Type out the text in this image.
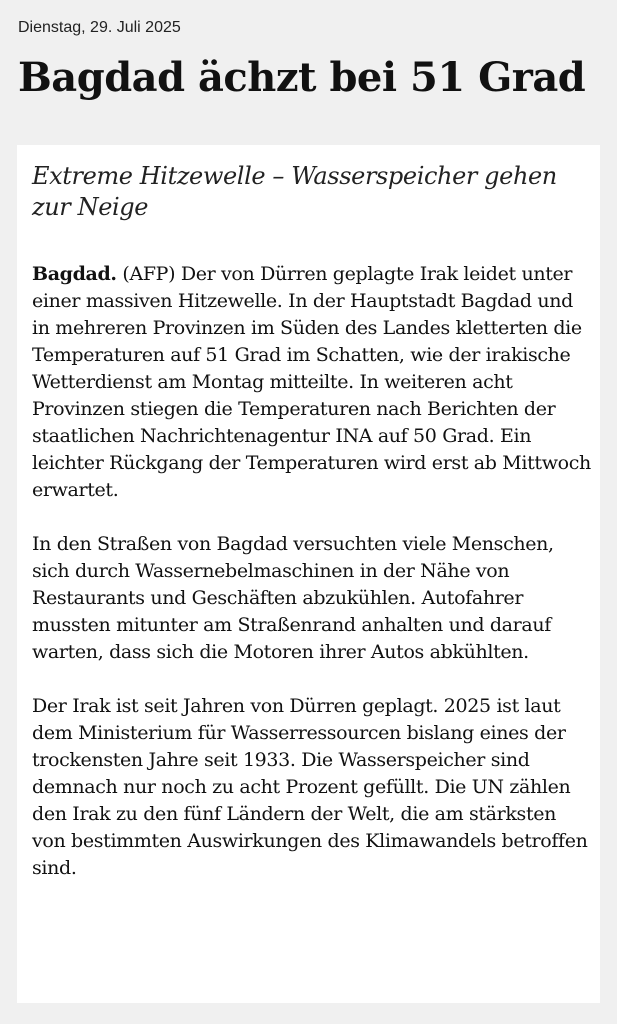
Dienstag, 29. Juli 2025
Bagdad ächzt bei 51 Grad
Extreme Hitzewelle – Wasserspeicher gehen zur Neige

Bagdad. (AFP) Der von Dürren geplagte Irak leidet unter einer massiven Hitzewelle. In der Hauptstadt Bagdad und in mehreren Provinzen im Süden des Landes kletterten die Temperaturen auf 51 Grad im Schatten, wie der irakische Wetterdienst am Montag mitteilte. In weiteren acht Provinzen stiegen die Temperaturen nach Berichten der staatlichen Nachrichtenagentur INA auf 50 Grad. Ein leichter Rückgang der Temperaturen wird erst ab Mittwoch erwartet.

In den Straßen von Bagdad versuchten viele Menschen, sich durch Wassernebelmaschinen in der Nähe von Restaurants und Geschäften abzukühlen. Autofahrer mussten mitunter am Straßenrand anhalten und darauf warten, dass sich die Motoren ihrer Autos abkühlten.

Der Irak ist seit Jahren von Dürren geplagt. 2025 ist laut dem Ministerium für Wasserressourcen bislang eines der trockensten Jahre seit 1933. Die Wasserspeicher sind demnach nur noch zu acht Prozent gefüllt. Die UN zählen den Irak zu den fünf Ländern der Welt, die am stärksten von bestimmten Auswirkungen des Klimawandels betroffen sind.
